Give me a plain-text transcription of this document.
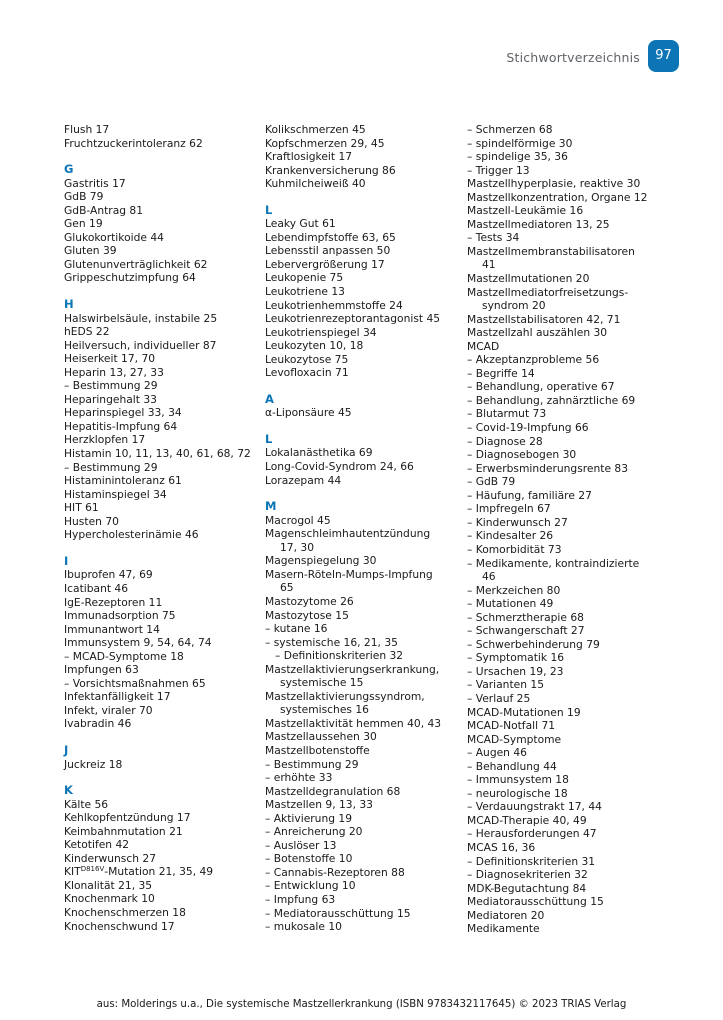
Stichwortverzeichnis	97
Flush 17
Fruchtzuckerintoleranz 62
G
Gastritis 17
GdB 79
GdB-Antrag 81
Gen 19
Glukokortikoide 44
Gluten 39
Glutenunverträglichkeit 62
Grippeschutzimpfung 64
H
Halswirbelsäule, instabile 25
hEDS 22
Heilversuch, individueller 87
Heiserkeit 17, 70
Heparin 13, 27, 33
– Bestimmung 29
Heparingehalt 33
Heparinspiegel 33, 34
Hepatitis-Impfung 64
Herzklopfen 17
Histamin 10, 11, 13, 40, 61, 68, 72
– Bestimmung 29
Histaminintoleranz 61
Histaminspiegel 34
HIT 61
Husten 70
Hypercholesterinämie 46
I
Ibuprofen 47, 69
Icatibant 46
IgE-Rezeptoren 11
Immunadsorption 75
Immunantwort 14
Immunsystem 9, 54, 64, 74
– MCAD-Symptome 18
Impfungen 63
– Vorsichtsmaßnahmen 65
Infektanfälligkeit 17
Infekt, viraler 70
Ivabradin 46
J
Juckreiz 18
K
Kälte 56
Kehlkopfentzündung 17
Keimbahnmutation 21
Ketotifen 42
Kinderwunsch 27
$KIT^{D816V}$-Mutation 21, 35, 49
Klonalität 21, 35
Knochenmark 10
Knochenschmerzen 18
Knochenschwund 17
Kolikschmerzen 45
Kopfschmerzen 29, 45
Kraftlosigkeit 17
Krankenversicherung 86
Kuhmilcheiweiß 40
L
Leaky Gut 61
Lebendimpfstoffe 63, 65
Lebensstil anpassen 50
Lebervergrößerung 17
Leukopenie 75
Leukotriene 13
Leukotrienhemmstoffe 24
Leukotrienrezeptorantagonist 45
Leukotrienspiegel 34
Leukozyten 10, 18
Leukozytose 75
Levofloxacin 71
A
α-Liponsäure 45
L
Lokalanästhetika 69
Long-Covid-Syndrom 24, 66
Lorazepam 44
M
Macrogol 45
Magenschleimhautentzündung
17, 30
Magenspiegelung 30
Masern-Röteln-Mumps-Impfung
65
Mastozytome 26
Mastozytose 15
– kutane 16
– systemische 16, 21, 35
– Definitionskriterien 32
Mastzellaktivierungserkrankung,
systemische 15
Mastzellaktivierungssyndrom,
systemisches 16
Mastzellaktivität hemmen 40, 43
Mastzellaussehen 30
Mastzellbotenstoffe
– Bestimmung 29
– erhöhte 33
Mastzelldegranulation 68
Mastzellen 9, 13, 33
– Aktivierung 19
– Anreicherung 20
– Auslöser 13
– Botenstoffe 10
– Cannabis-Rezeptoren 88
– Entwicklung 10
– Impfung 63
– Mediatorausschüttung 15
– mukosale 10
– Schmerzen 68
– spindelförmige 30
– spindelige 35, 36
– Trigger 13
Mastzellhyperplasie, reaktive 30
Mastzellkonzentration, Organe 12
Mastzell-Leukämie 16
Mastzellmediatoren 13, 25
– Tests 34
Mastzellmembranstabilisatoren
41
Mastzellmutationen 20
Mastzellmediatorfreisetzungs-
syndrom 20
Mastzellstabilisatoren 42, 71
Mastzellzahl auszählen 30
MCAD
– Akzeptanzprobleme 56
– Begriffe 14
– Behandlung, operative 67
– Behandlung, zahnärztliche 69
– Blutarmut 73
– Covid-19-Impfung 66
– Diagnose 28
– Diagnosebogen 30
– Erwerbsminderungsrente 83
– GdB 79
– Häufung, familiäre 27
– Impfregeln 67
– Kinderwunsch 27
– Kindesalter 26
– Komorbidität 73
– Medikamente, kontraindizierte
46
– Merkzeichen 80
– Mutationen 49
– Schmerztherapie 68
– Schwangerschaft 27
– Schwerbehinderung 79
– Symptomatik 16
– Ursachen 19, 23
– Varianten 15
– Verlauf 25
MCAD-Mutationen 19
MCAD-Notfall 71
MCAD-Symptome
– Augen 46
– Behandlung 44
– Immunsystem 18
– neurologische 18
– Verdauungstrakt 17, 44
MCAD-Therapie 40, 49
– Herausforderungen 47
MCAS 16, 36
– Definitionskriterien 31
– Diagnosekriterien 32
MDK-Begutachtung 84
Mediatorausschüttung 15
Mediatoren 20
Medikamente
aus: Molderings u.a., Die systemische Mastzellerkrankung (ISBN 9783432117645) © 2023 TRIAS Verlag
